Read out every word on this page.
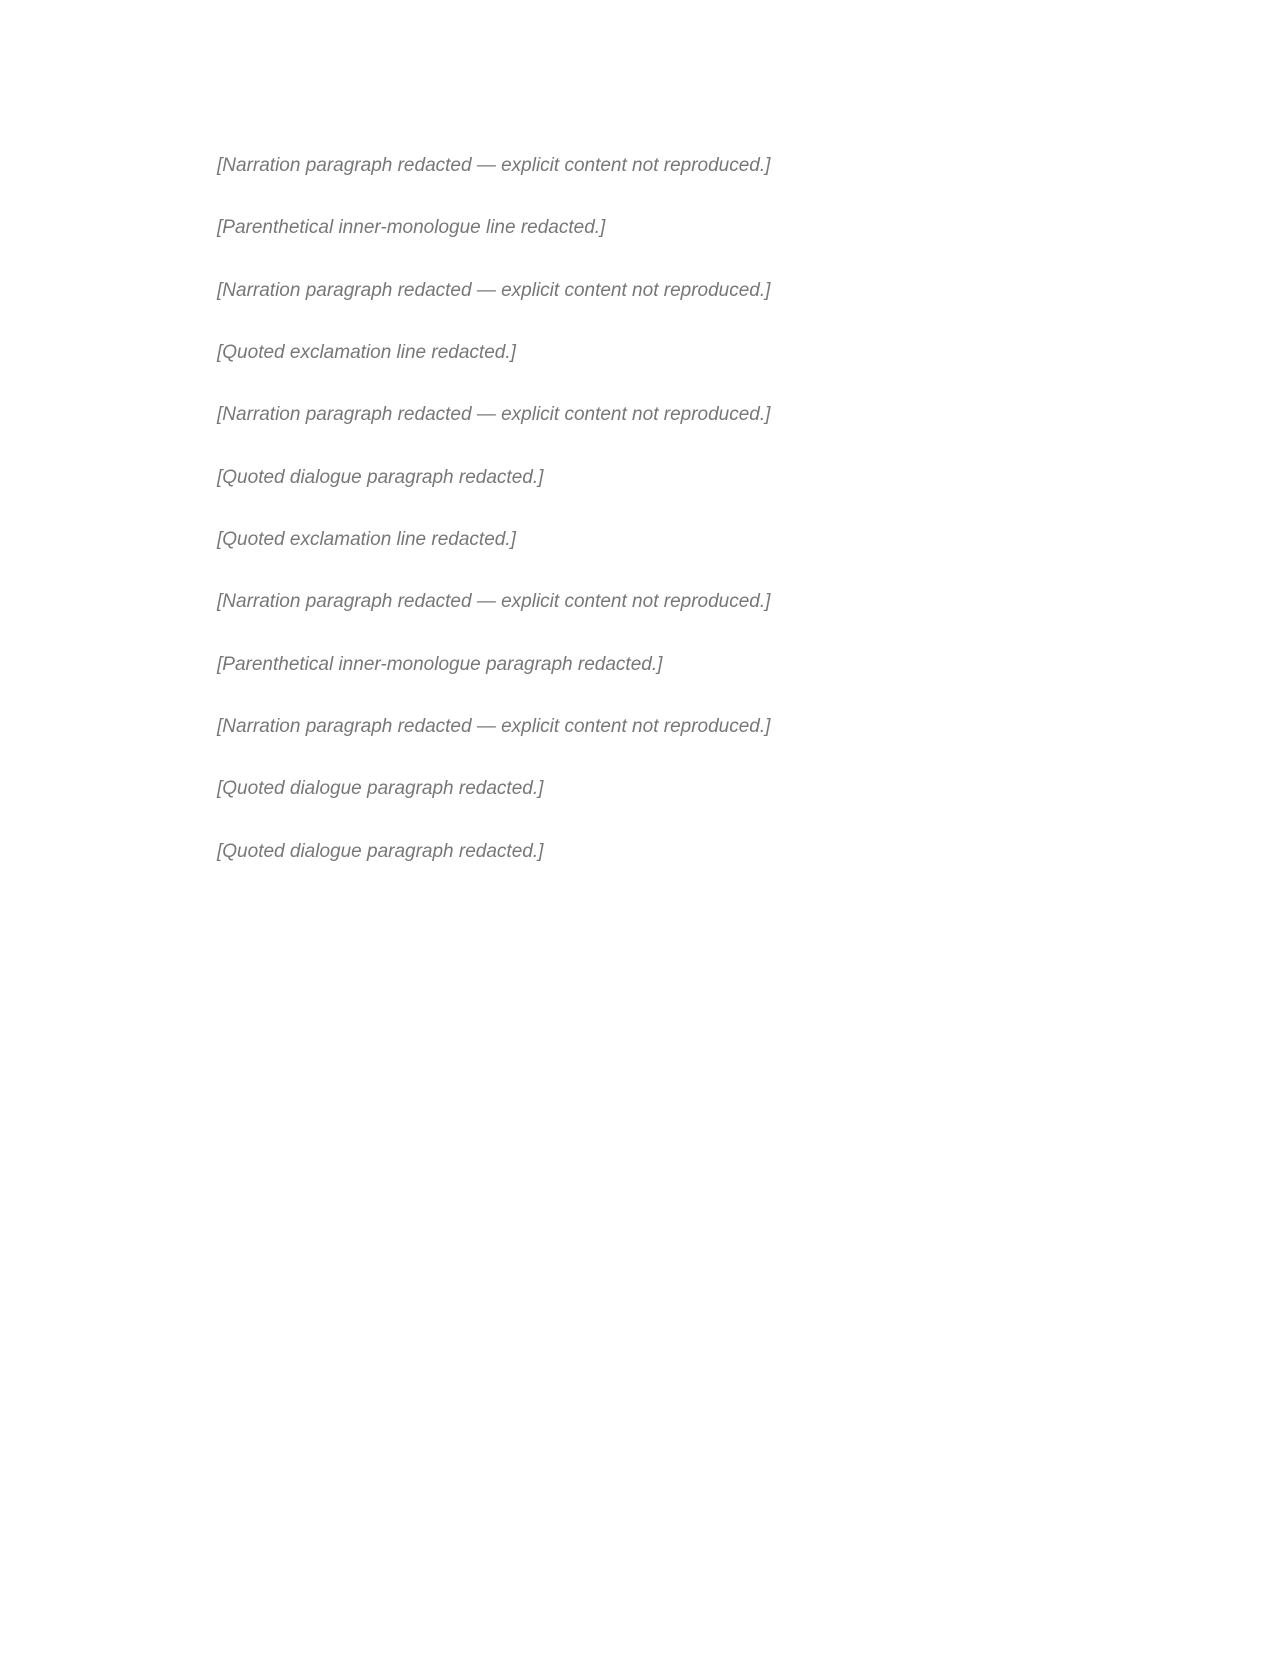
[Narration paragraph redacted — explicit content not reproduced.]

[Parenthetical inner-monologue line redacted.]

[Narration paragraph redacted — explicit content not reproduced.]

[Quoted exclamation line redacted.]

[Narration paragraph redacted — explicit content not reproduced.]

[Quoted dialogue paragraph redacted.]

[Quoted exclamation line redacted.]

[Narration paragraph redacted — explicit content not reproduced.]

[Parenthetical inner-monologue paragraph redacted.]

[Narration paragraph redacted — explicit content not reproduced.]

[Quoted dialogue paragraph redacted.]

[Quoted dialogue paragraph redacted.]
